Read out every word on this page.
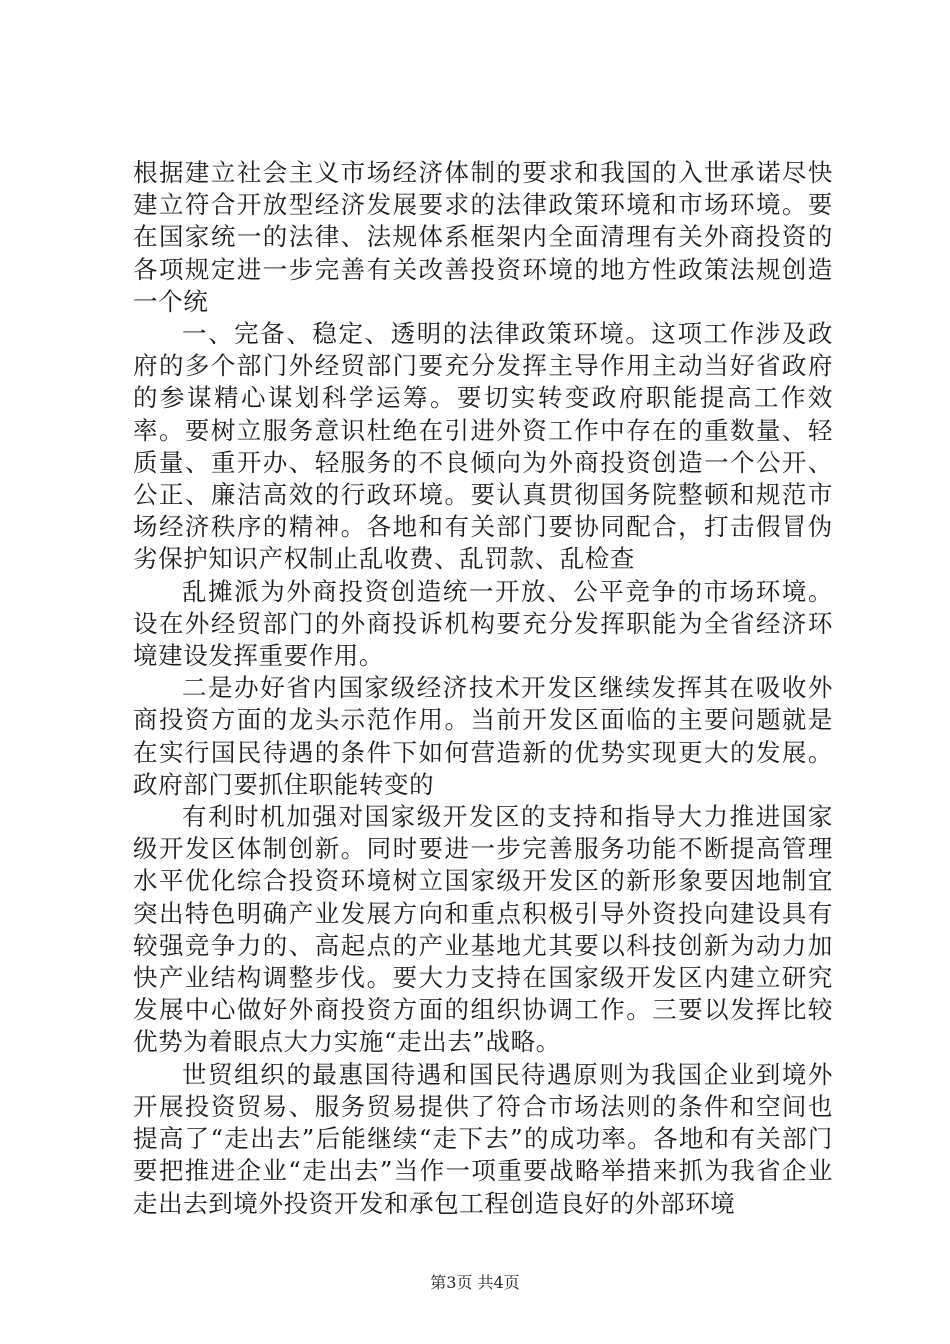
根据建立社会主义市场经济体制的要求和我国的入世承诺尽快建立符合开放型经济发展要求的法律政策环境和市场环境。要在国家统一的法律、法规体系框架内全面清理有关外商投资的各项规定进一步完善有关改善投资环境的地方性政策法规创造一个统

一、完备、稳定、透明的法律政策环境。这项工作涉及政府的多个部门外经贸部门要充分发挥主导作用主动当好省政府的参谋精心谋划科学运筹。要切实转变政府职能提高工作效率。要树立服务意识杜绝在引进外资工作中存在的重数量、轻质量、重开办、轻服务的不良倾向为外商投资创造一个公开、公正、廉洁高效的行政环境。要认真贯彻国务院整顿和规范市场经济秩序的精神。各地和有关部门要协同配合，打击假冒伪劣保护知识产权制止乱收费、乱罚款、乱检查

乱摊派为外商投资创造统一开放、公平竞争的市场环境。设在外经贸部门的外商投诉机构要充分发挥职能为全省经济环境建设发挥重要作用。

二是办好省内国家级经济技术开发区继续发挥其在吸收外商投资方面的龙头示范作用。当前开发区面临的主要问题就是在实行国民待遇的条件下如何营造新的优势实现更大的发展。政府部门要抓住职能转变的

有利时机加强对国家级开发区的支持和指导大力推进国家级开发区体制创新。同时要进一步完善服务功能不断提高管理水平优化综合投资环境树立国家级开发区的新形象要因地制宜突出特色明确产业发展方向和重点积极引导外资投向建设具有较强竞争力的、高起点的产业基地尤其要以科技创新为动力加快产业结构调整步伐。要大力支持在国家级开发区内建立研究发展中心做好外商投资方面的组织协调工作。三要以发挥比较优势为着眼点大力实施“走出去”战略。

世贸组织的最惠国待遇和国民待遇原则为我国企业到境外开展投资贸易、服务贸易提供了符合市场法则的条件和空间也提高了“走出去”后能继续“走下去”的成功率。各地和有关部门要把推进企业“走出去”当作一项重要战略举措来抓为我省企业走出去到境外投资开发和承包工程创造良好的外部环境

第3页 共4页
